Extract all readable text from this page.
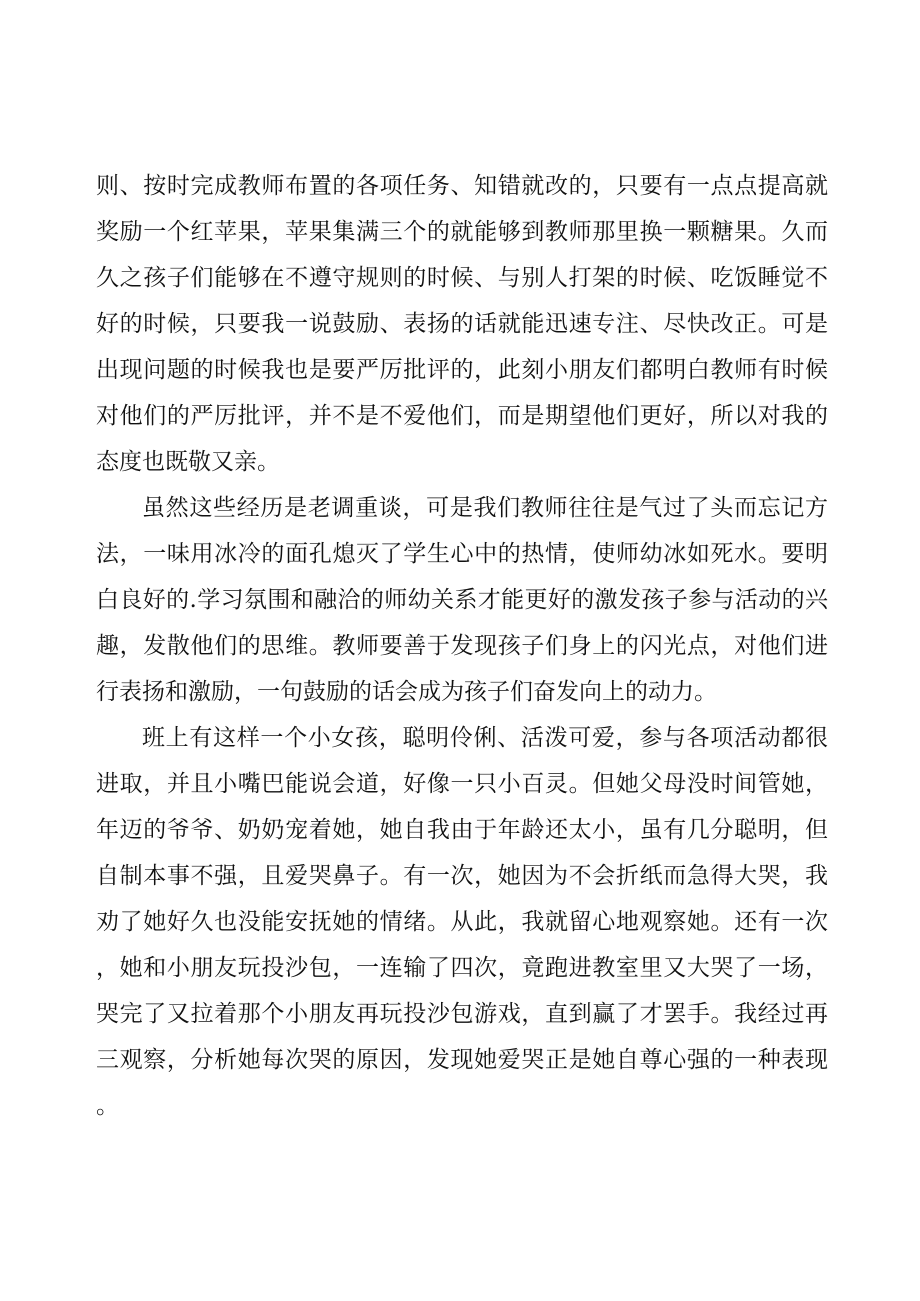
则、按时完成教师布置的各项任务、知错就改的，只要有一点点提高就奖励一个红苹果，苹果集满三个的就能够到教师那里换一颗糖果。久而久之孩子们能够在不遵守规则的时候、与别人打架的时候、吃饭睡觉不好的时候，只要我一说鼓励、表扬的话就能迅速专注、尽快改正。可是出现问题的时候我也是要严厉批评的，此刻小朋友们都明白教师有时候对他们的严厉批评，并不是不爱他们，而是期望他们更好，所以对我的态度也既敬又亲。

虽然这些经历是老调重谈，可是我们教师往往是气过了头而忘记方法，一味用冰冷的面孔熄灭了学生心中的热情，使师幼冰如死水。要明白良好的.学习氛围和融洽的师幼关系才能更好的激发孩子参与活动的兴趣，发散他们的思维。教师要善于发现孩子们身上的闪光点，对他们进行表扬和激励，一句鼓励的话会成为孩子们奋发向上的动力。

班上有这样一个小女孩，聪明伶俐、活泼可爱，参与各项活动都很进取，并且小嘴巴能说会道，好像一只小百灵。但她父母没时间管她，年迈的爷爷、奶奶宠着她，她自我由于年龄还太小，虽有几分聪明，但自制本事不强，且爱哭鼻子。有一次，她因为不会折纸而急得大哭，我劝了她好久也没能安抚她的情绪。从此，我就留心地观察她。还有一次，她和小朋友玩投沙包，一连输了四次，竟跑进教室里又大哭了一场，哭完了又拉着那个小朋友再玩投沙包游戏，直到赢了才罢手。我经过再三观察，分析她每次哭的原因，发现她爱哭正是她自尊心强的一种表现。
